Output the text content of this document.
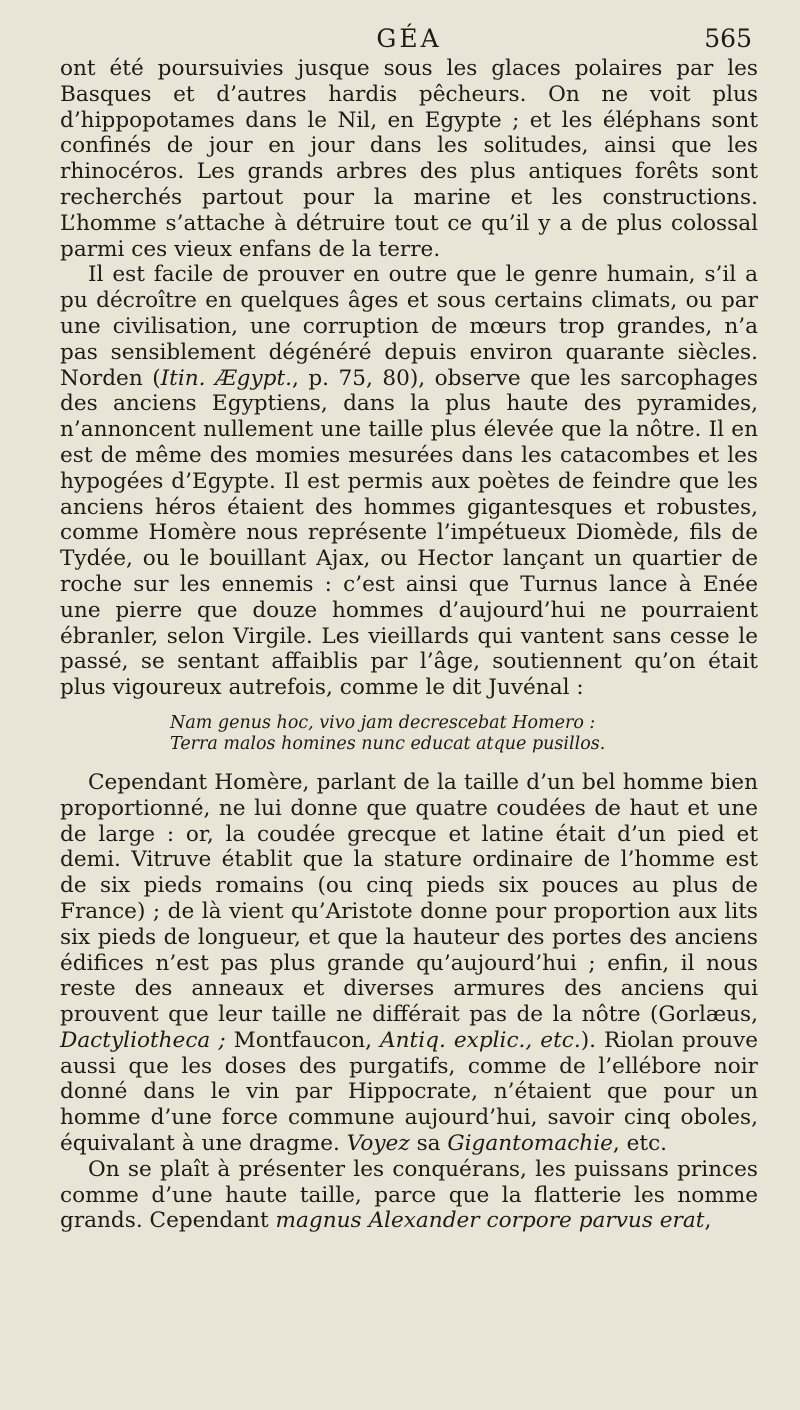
GÉA	565

ont été poursuivies jusque sous les glaces polaires par les Basques et d’autres hardis pêcheurs. On ne voit plus d’hippopotames dans le Nil, en Egypte ; et les éléphans sont confinés de jour en jour dans les solitudes, ainsi que les rhinocéros. Les grands arbres des plus antiques forêts sont recherchés partout pour la marine et les constructions. L’homme s’attache à détruire tout ce qu’il y a de plus colossal parmi ces vieux enfans de la terre.

Il est facile de prouver en outre que le genre humain, s’il a pu décroître en quelques âges et sous certains climats, ou par une civilisation, une corruption de mœurs trop grandes, n’a pas sensiblement dégénéré depuis environ quarante siècles. Norden (Itin. Ægypt., p. 75, 80), observe que les sarcophages des anciens Egyptiens, dans la plus haute des pyramides, n’annoncent nullement une taille plus élevée que la nôtre. Il en est de même des momies mesurées dans les catacombes et les hypogées d’Egypte. Il est permis aux poètes de feindre que les anciens héros étaient des hommes gigantesques et robustes, comme Homère nous représente l’impétueux Diomède, fils de Tydée, ou le bouillant Ajax, ou Hector lançant un quartier de roche sur les ennemis : c’est ainsi que Turnus lance à Enée une pierre que douze hommes d’aujourd’hui ne pourraient ébranler, selon Virgile. Les vieillards qui vantent sans cesse le passé, se sentant affaiblis par l’âge, soutiennent qu’on était plus vigoureux autrefois, comme le dit Juvénal :

Nam genus hoc, vivo jam decrescebat Homero :
Terra malos homines nunc educat atque pusillos.

Cependant Homère, parlant de la taille d’un bel homme bien proportionné, ne lui donne que quatre coudées de haut et une de large : or, la coudée grecque et latine était d’un pied et demi. Vitruve établit que la stature ordinaire de l’homme est de six pieds romains (ou cinq pieds six pouces au plus de France) ; de là vient qu’Aristote donne pour proportion aux lits six pieds de longueur, et que la hauteur des portes des anciens édifices n’est pas plus grande qu’aujourd’hui ; enfin, il nous reste des anneaux et diverses armures des anciens qui prouvent que leur taille ne différait pas de la nôtre (Gorlæus, Dactyliotheca ; Montfaucon, Antiq. explic., etc.). Riolan prouve aussi que les doses des purgatifs, comme de l’ellébore noir donné dans le vin par Hippocrate, n’étaient que pour un homme d’une force commune aujourd’hui, savoir cinq oboles, équivalant à une dragme. Voyez sa Gigantomachie, etc.

On se plaît à présenter les conquérans, les puissans princes comme d’une haute taille, parce que la flatterie les nomme grands. Cependant magnus Alexander corpore parvus erat,
